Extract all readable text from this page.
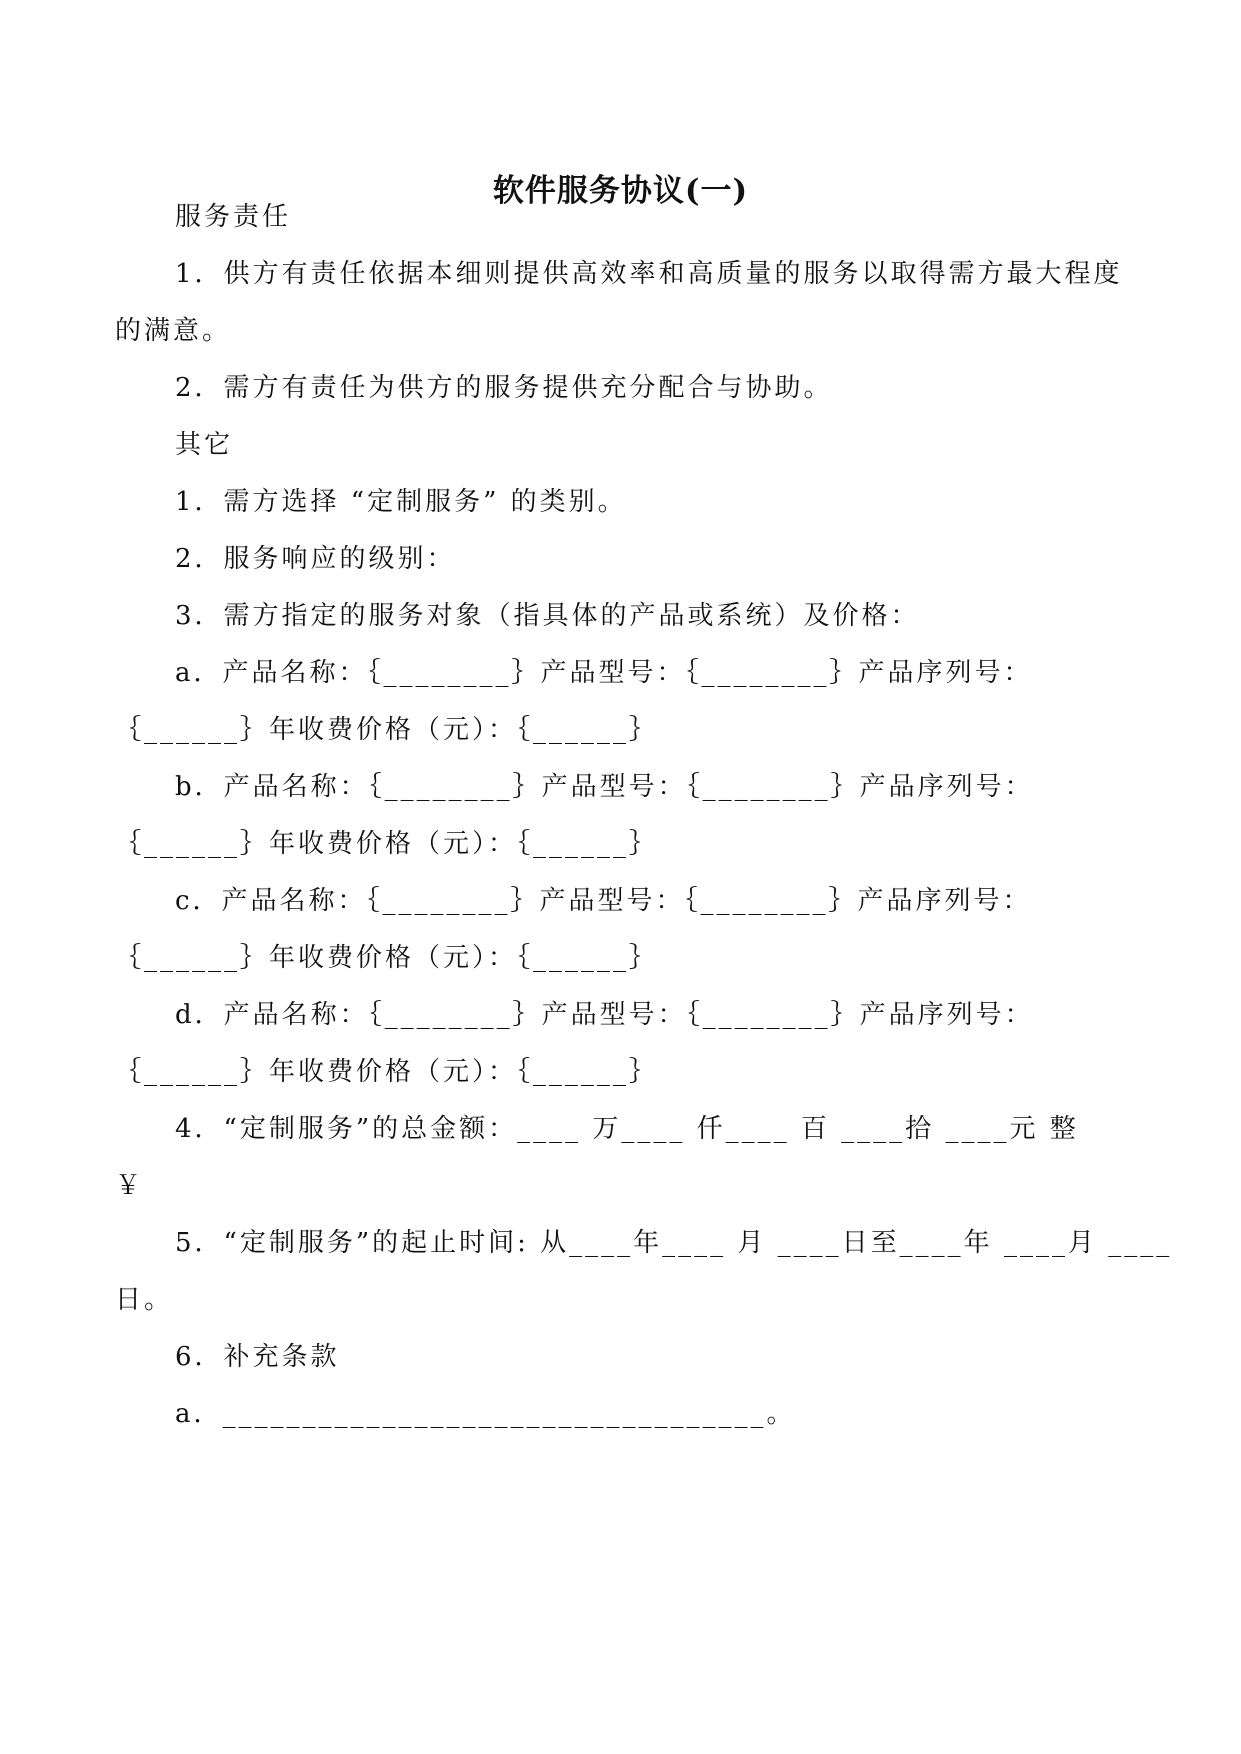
软件服务协议(一)
服务责任
1．供方有责任依据本细则提供高效率和高质量的服务以取得需方最大程度
的满意。
2．需方有责任为供方的服务提供充分配合与协助。
其它
1．需方选择 “定制服务” 的类别。
2．服务响应的级别：
3．需方指定的服务对象（指具体的产品或系统）及价格：
a．产品名称：｛________｝产品型号：｛________｝产品序列号：
｛______｝年收费价格（元）：｛______｝
b．产品名称：｛________｝产品型号：｛________｝产品序列号：
｛______｝年收费价格（元）：｛______｝
c．产品名称：｛________｝产品型号：｛________｝产品序列号：
｛______｝年收费价格（元）：｛______｝
d．产品名称：｛________｝产品型号：｛________｝产品序列号：
｛______｝年收费价格（元）：｛______｝
4．“定制服务”的总金额：____ 万____ 仟____ 百 ____拾 ____元 整
￥
5．“定制服务”的起止时间: 从____年____ 月 ____日至____年 ____月 ____
日。
6．补充条款
a．__________________________________。
